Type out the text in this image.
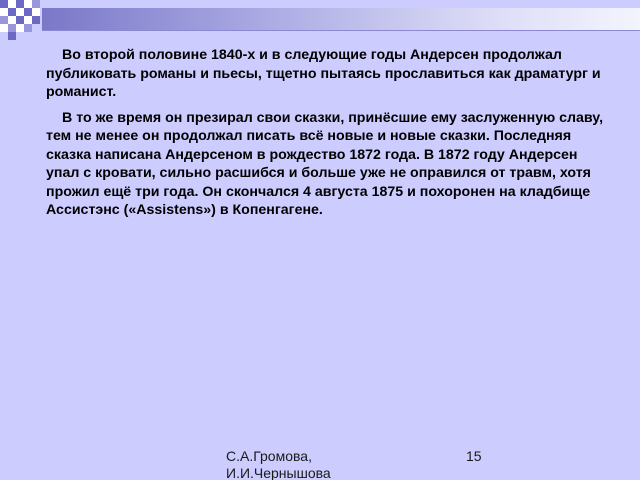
Во второй половине 1840-х и в следующие годы Андерсен продолжал публиковать романы и пьесы, тщетно пытаясь прославиться как драматург и романист.

В то же время он презирал свои сказки, принёсшие ему заслуженную славу, тем не менее он продолжал писать всё новые и новые сказки. Последняя сказка написана Андерсеном в рождество 1872 года. В 1872 году Андерсен упал с кровати, сильно расшибся и больше уже не оправился от травм, хотя прожил ещё три года. Он скончался 4 августа 1875 и похоронен на кладбище Ассистэнс («Assistens») в Копенгагене.

С.А.Громова, И.И.Чернышова
15
